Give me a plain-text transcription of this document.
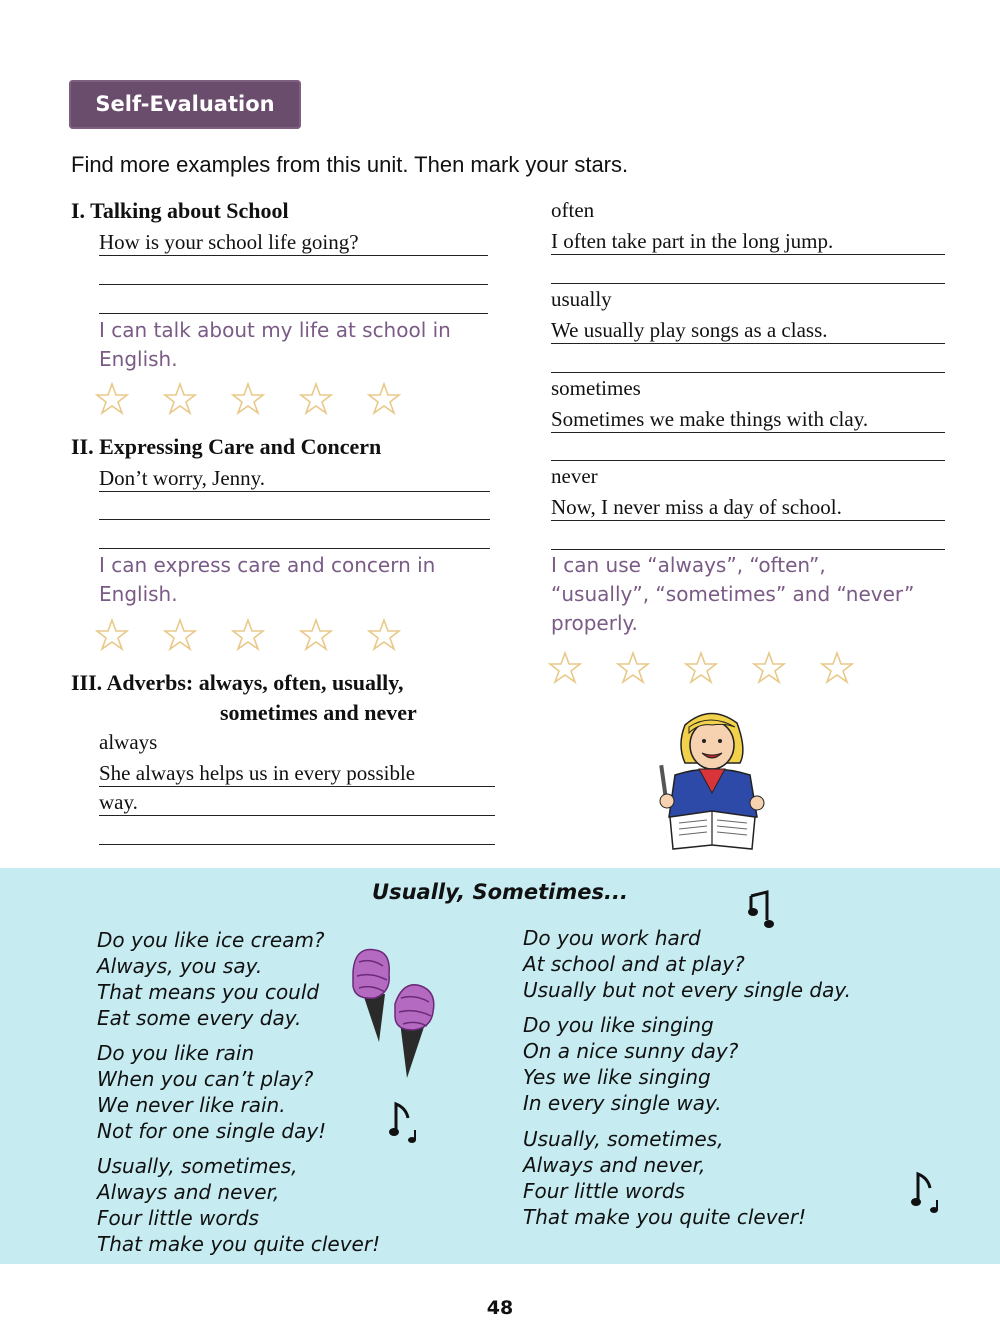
Self-Evaluation
Find more examples from this unit. Then mark your stars.
I. Talking about School
How is your school life going?
I can talk about my life at school in
English.
II. Expressing Care and Concern
Don’t worry, Jenny.
I can express care and concern in
English.
III. Adverbs: always, often, usually,
sometimes and never
always
She always helps us in every possible
way.
often
I often take part in the long jump.
usually
We usually play songs as a class.
sometimes
Sometimes we make things with clay.
never
Now, I never miss a day of school.
I can use “always”, “often”,
“usually”, “sometimes” and “never”
properly.
Usually, Sometimes...
Do you like ice cream?
Always, you say.
That means you could
Eat some every day.
Do you like rain
When you can’t play?
We never like rain.
Not for one single day!
Usually, sometimes,
Always and never,
Four little words
That make you quite clever!
Do you work hard
At school and at play?
Usually but not every single day.
Do you like singing
On a nice sunny day?
Yes we like singing
In every single way.
Usually, sometimes,
Always and never,
Four little words
That make you quite clever!
48
